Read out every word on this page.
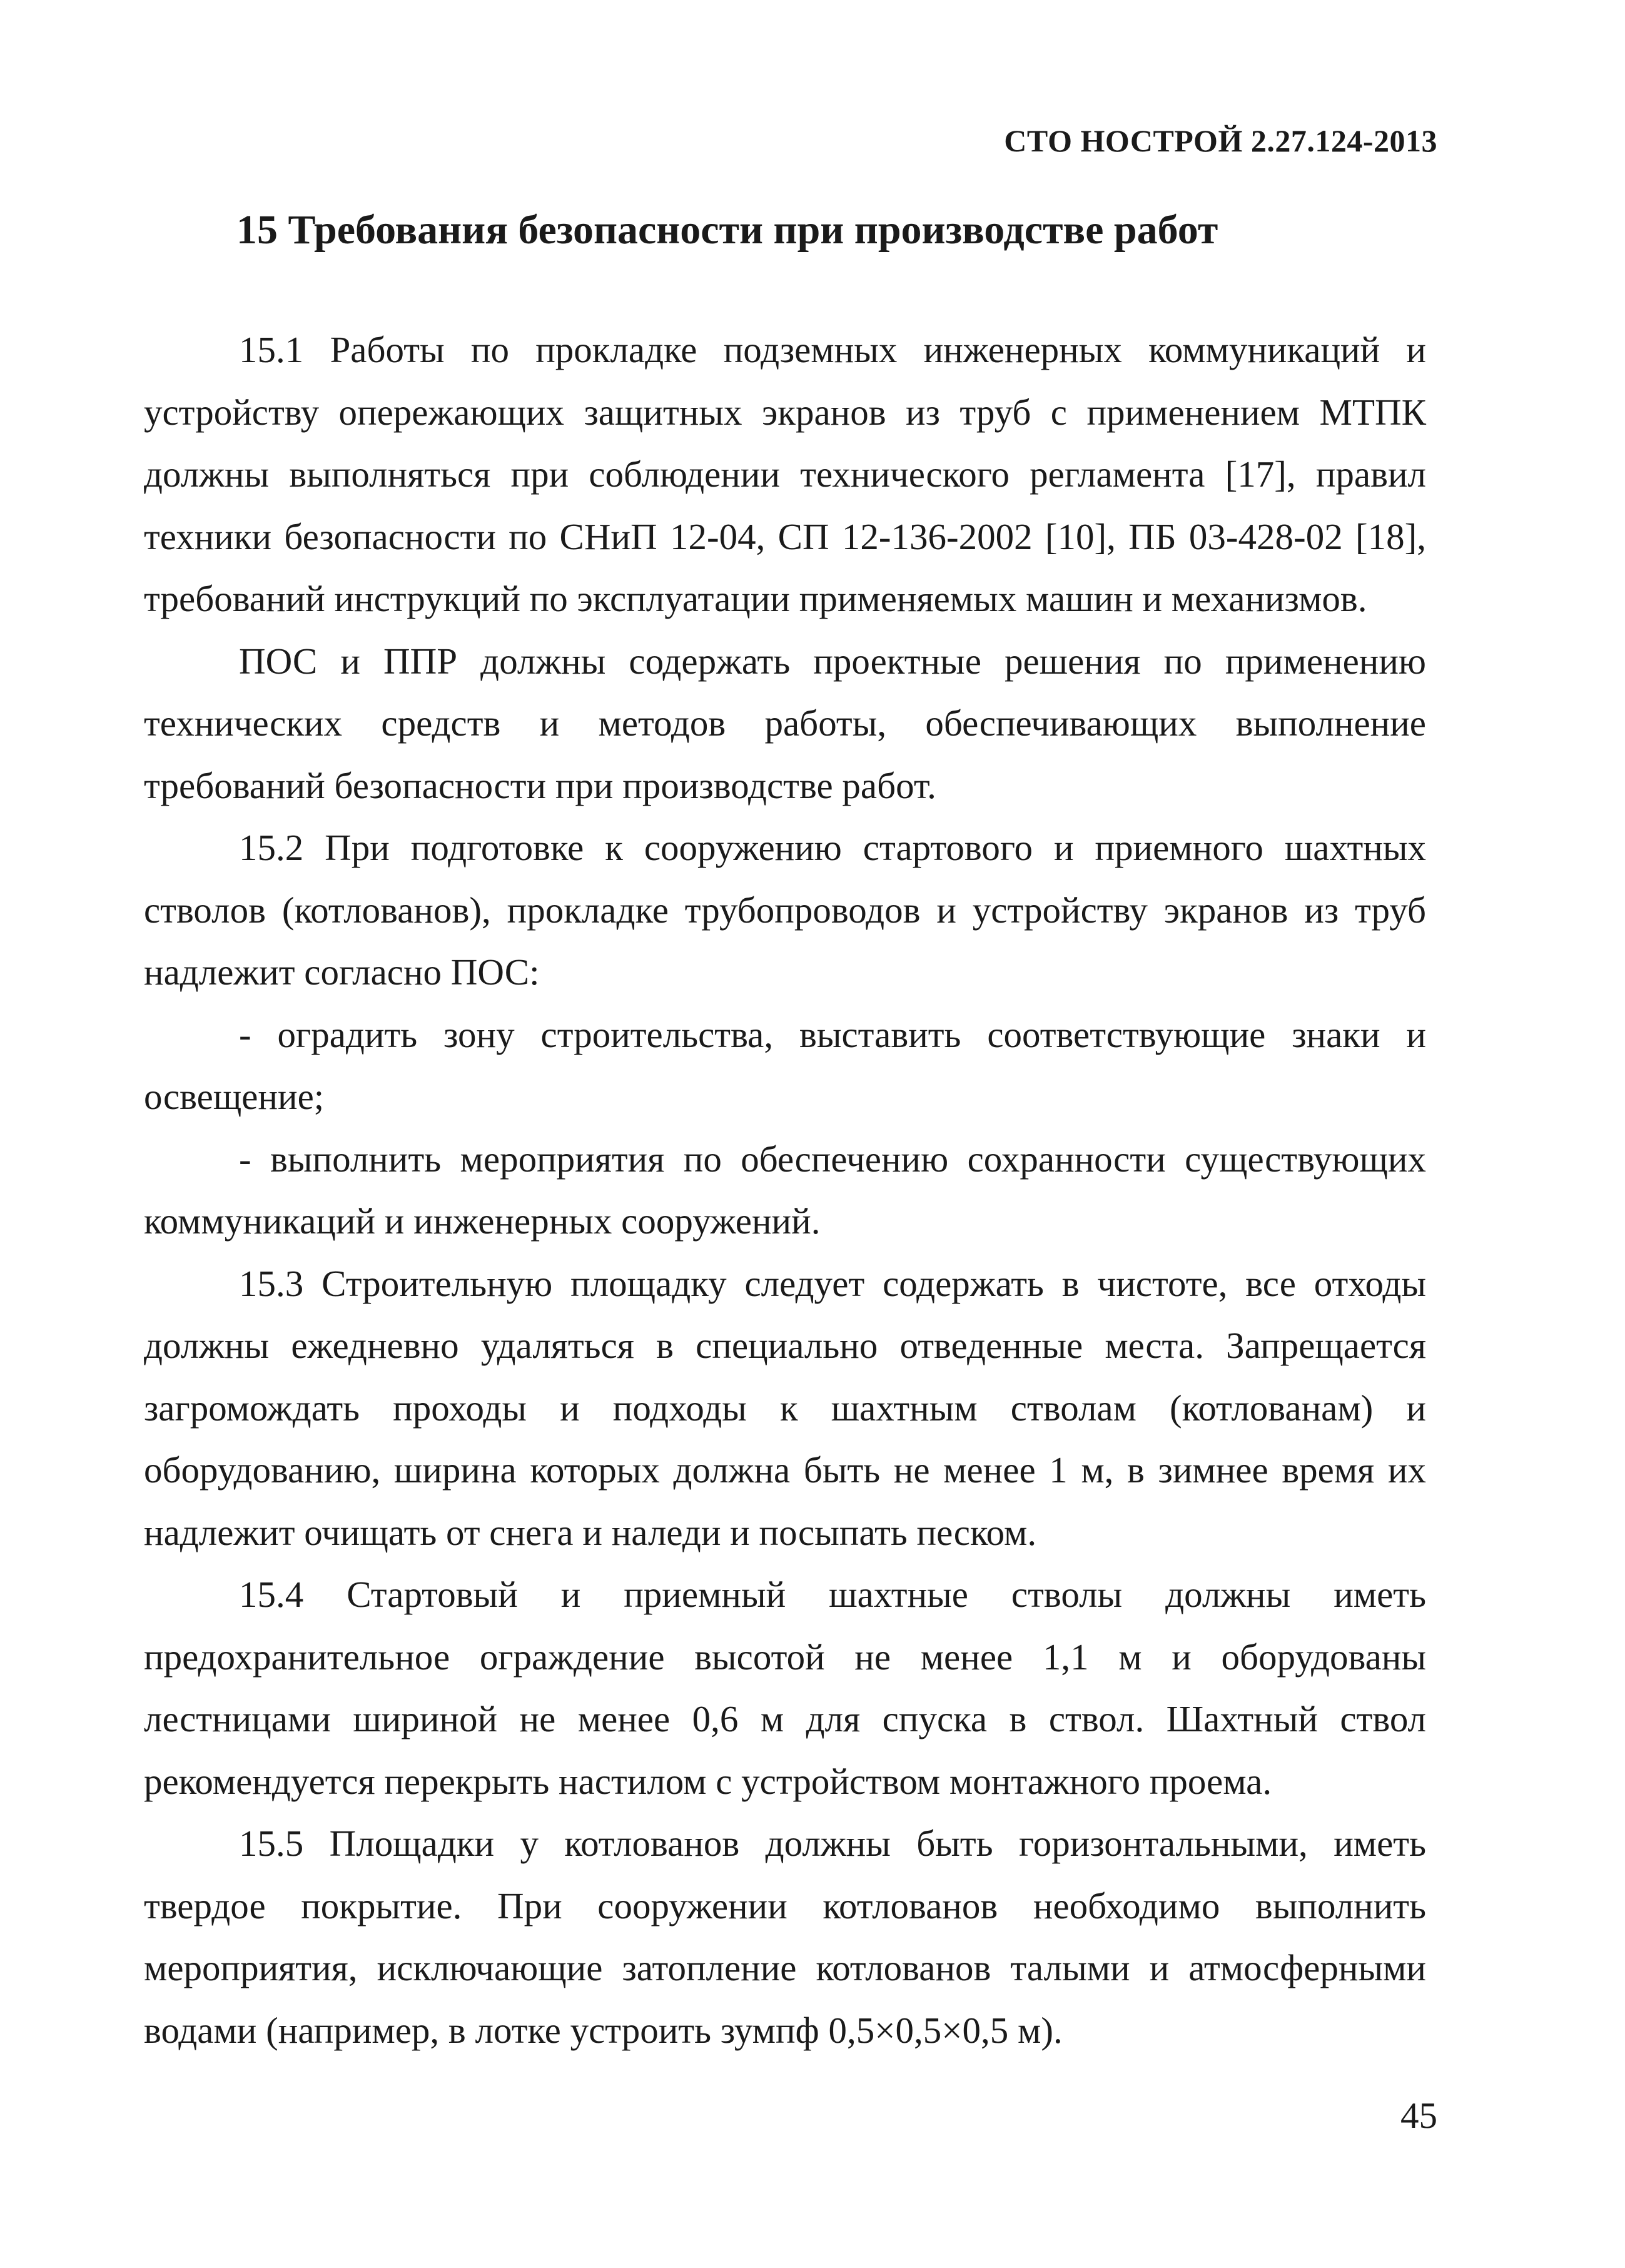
СТО НОСТРОЙ 2.27.124-2013
15 Требования безопасности при производстве работ

15.1 Работы по прокладке подземных инженерных коммуникаций и устройству опережающих защитных экранов из труб с применением МТПК должны выполняться при соблюдении технического регламента [17], правил техники безопасности по СНиП 12-04, СП 12-136-2002 [10], ПБ 03-428-02 [18], требований инструкций по эксплуатации применяемых машин и механизмов.

ПОС и ППР должны содержать проектные решения по применению технических средств и методов работы, обеспечивающих выполнение требований безопасности при производстве работ.

15.2 При подготовке к сооружению стартового и приемного шахтных стволов (котлованов), прокладке трубопроводов и устройству экранов из труб надлежит согласно ПОС:

- оградить зону строительства, выставить соответствующие знаки и освещение;

- выполнить мероприятия по обеспечению сохранности существующих коммуникаций и инженерных сооружений.

15.3 Строительную площадку следует содержать в чистоте, все отходы должны ежедневно удаляться в специально отведенные места. Запрещается загромождать проходы и подходы к шахтным стволам (котлованам) и оборудованию, ширина которых должна быть не менее 1 м, в зимнее время их надлежит очищать от снега и наледи и посыпать песком.

15.4 Стартовый и приемный шахтные стволы должны иметь предохранительное ограждение высотой не менее 1,1 м и оборудованы лестницами шириной не менее 0,6 м для спуска в ствол. Шахтный ствол рекомендуется перекрыть настилом с устройством монтажного проема.

15.5 Площадки у котлованов должны быть горизонтальными, иметь твердое покрытие. При сооружении котлованов необходимо выполнить мероприятия, исключающие затопление котлованов талыми и атмосферными водами (например, в лотке устроить зумпф 0,5×0,5×0,5 м).

45
